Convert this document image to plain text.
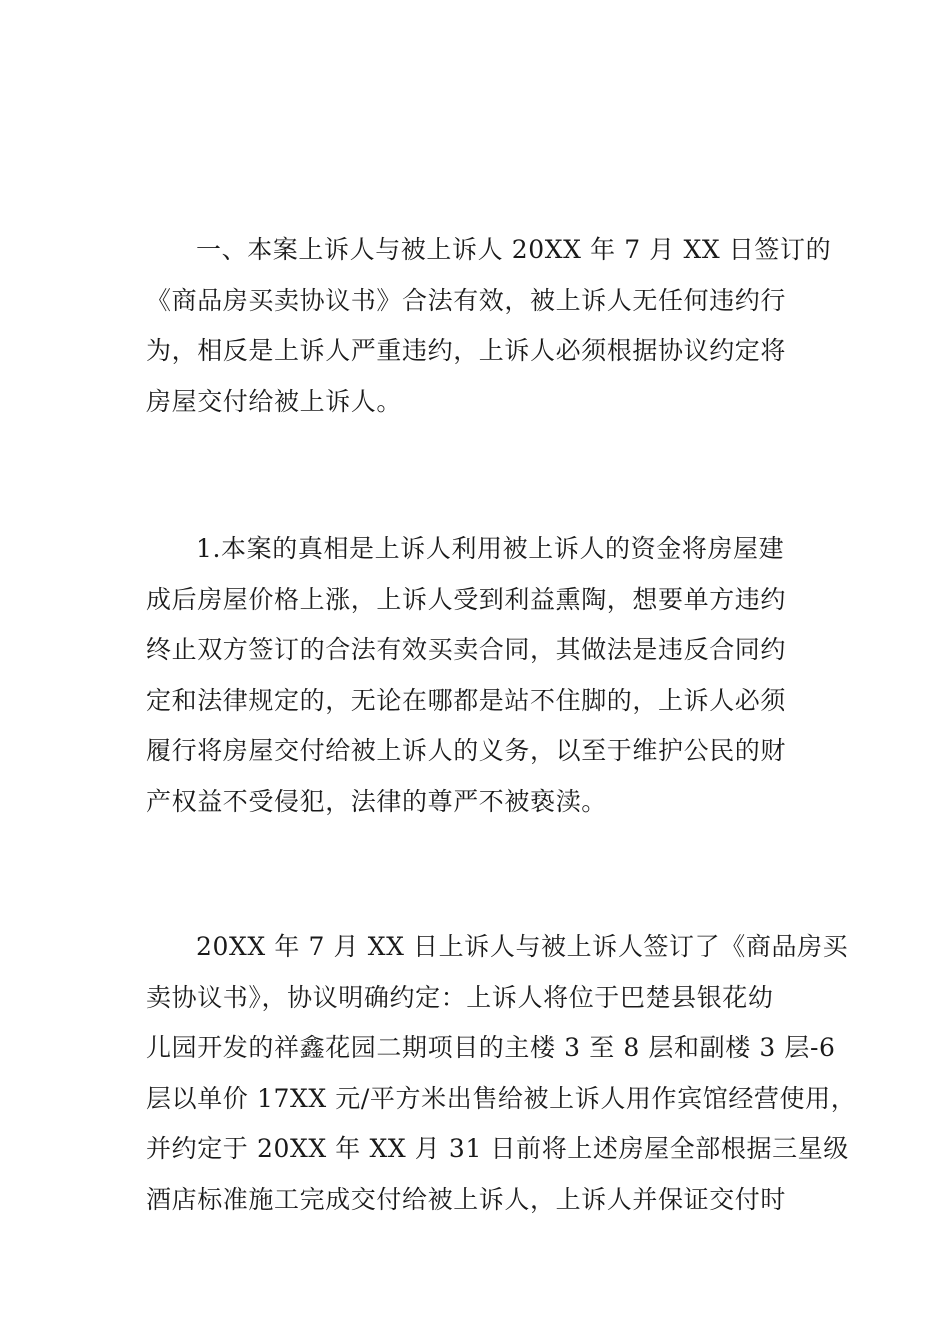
一、本案上诉人与被上诉人 20XX 年 7 月 XX 日签订的
《商品房买卖协议书》合法有效，被上诉人无任何违约行
为，相反是上诉人严重违约，上诉人必须根据协议约定将
房屋交付给被上诉人。
1.本案的真相是上诉人利用被上诉人的资金将房屋建
成后房屋价格上涨，上诉人受到利益熏陶，想要单方违约
终止双方签订的合法有效买卖合同，其做法是违反合同约
定和法律规定的，无论在哪都是站不住脚的，上诉人必须
履行将房屋交付给被上诉人的义务，以至于维护公民的财
产权益不受侵犯，法律的尊严不被亵渎。
20XX 年 7 月 XX 日上诉人与被上诉人签订了《商品房买
卖协议书》，协议明确约定：上诉人将位于巴楚县银花幼
儿园开发的祥鑫花园二期项目的主楼 3 至 8 层和副楼 3 层-6
层以单价 17XX 元/平方米出售给被上诉人用作宾馆经营使用，
并约定于 20XX 年 XX 月 31 日前将上述房屋全部根据三星级
酒店标准施工完成交付给被上诉人，上诉人并保证交付时
